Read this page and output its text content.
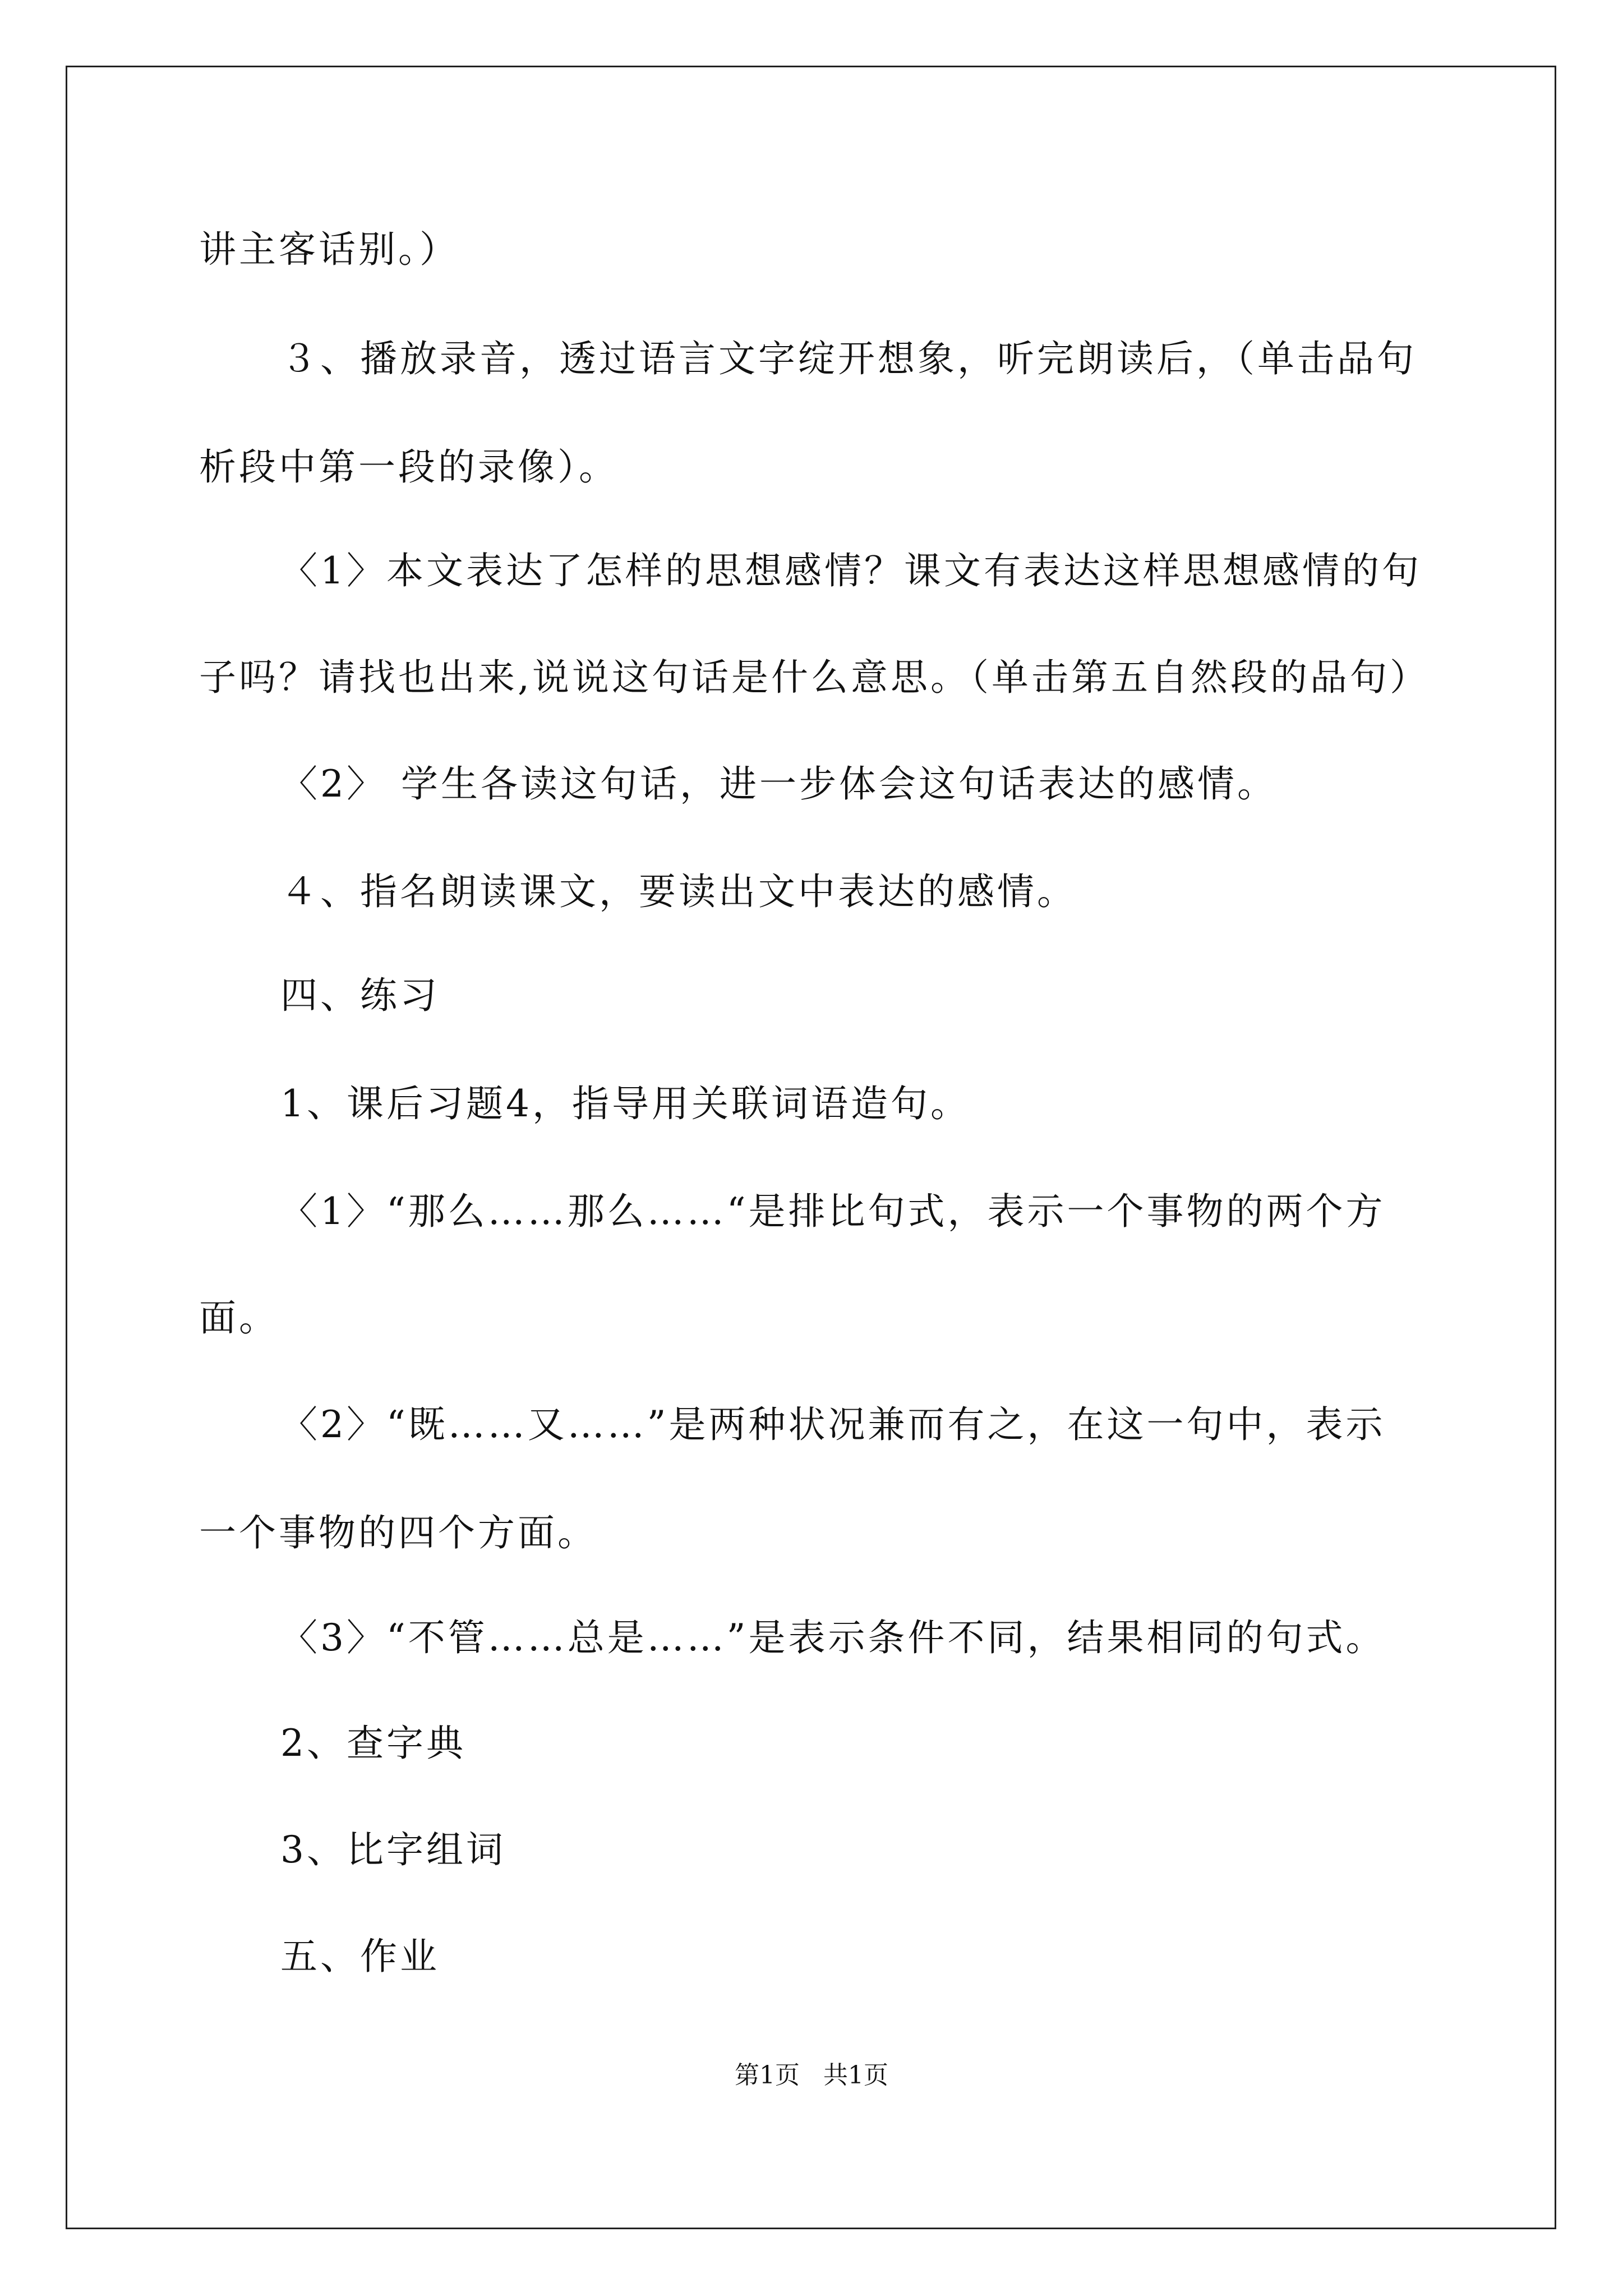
讲主客话别。）
３、播放录音，透过语言文字绽开想象，听完朗读后，（单击品句
析段中第一段的录像）。
〈1〉本文表达了怎样的思想感情？课文有表达这样思想感情的句
子吗？请找也出来,说说这句话是什么意思。（单击第五自然段的品句）
〈2〉 学生各读这句话，进一步体会这句话表达的感情。
４、指名朗读课文，要读出文中表达的感情。
四、练习
1、课后习题4，指导用关联词语造句。
〈1〉“那么……那么……“是排比句式，表示一个事物的两个方
面。
〈2〉“既……又……”是两种状况兼而有之，在这一句中，表示
一个事物的四个方面。
〈3〉“不管……总是……”是表示条件不同，结果相同的句式。
2、查字典
3、比字组词
五、作业
第1页   共1页
